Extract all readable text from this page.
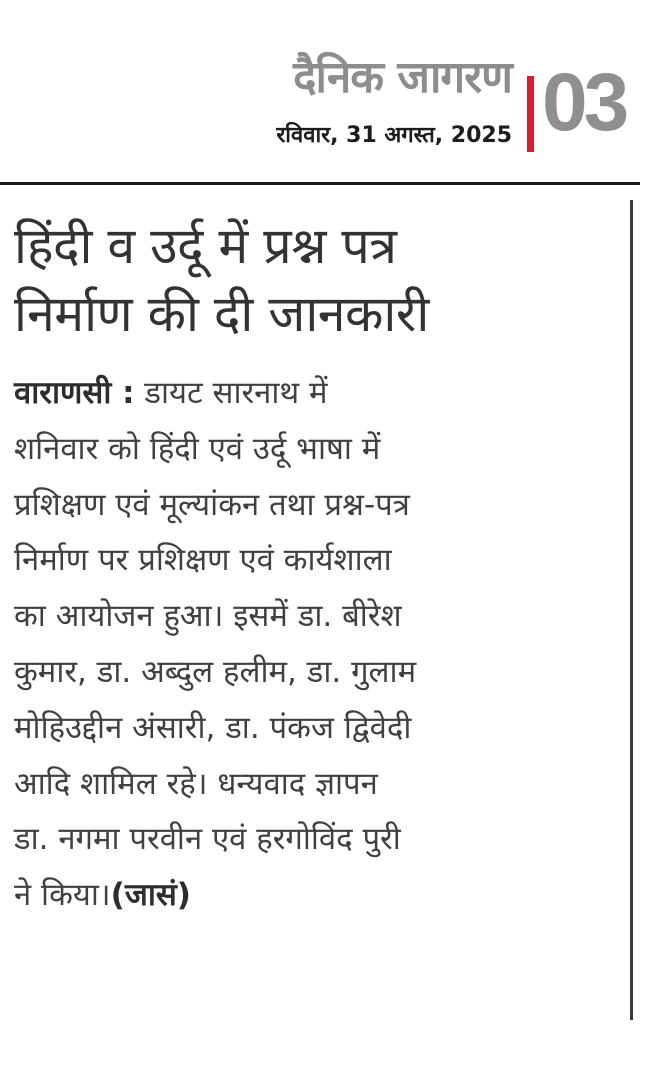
दैनिक जागरण
रविवार, 31 अगस्त, 2025 03
हिंदी व उर्दू में प्रश्न पत्र
निर्माण की दी जानकारी

वाराणसी : डायट सारनाथ में
शनिवार को हिंदी एवं उर्दू भाषा में
प्रशिक्षण एवं मूल्यांकन तथा प्रश्न-पत्र
निर्माण पर प्रशिक्षण एवं कार्यशाला
का आयोजन हुआ। इसमें डा. बीरेश
कुमार, डा. अब्दुल हलीम, डा. गुलाम
मोहिउद्दीन अंसारी, डा. पंकज द्विवेदी
आदि शामिल रहे। धन्यवाद ज्ञापन
डा. नगमा परवीन एवं हरगोविंद पुरी
ने किया।(जासं)
